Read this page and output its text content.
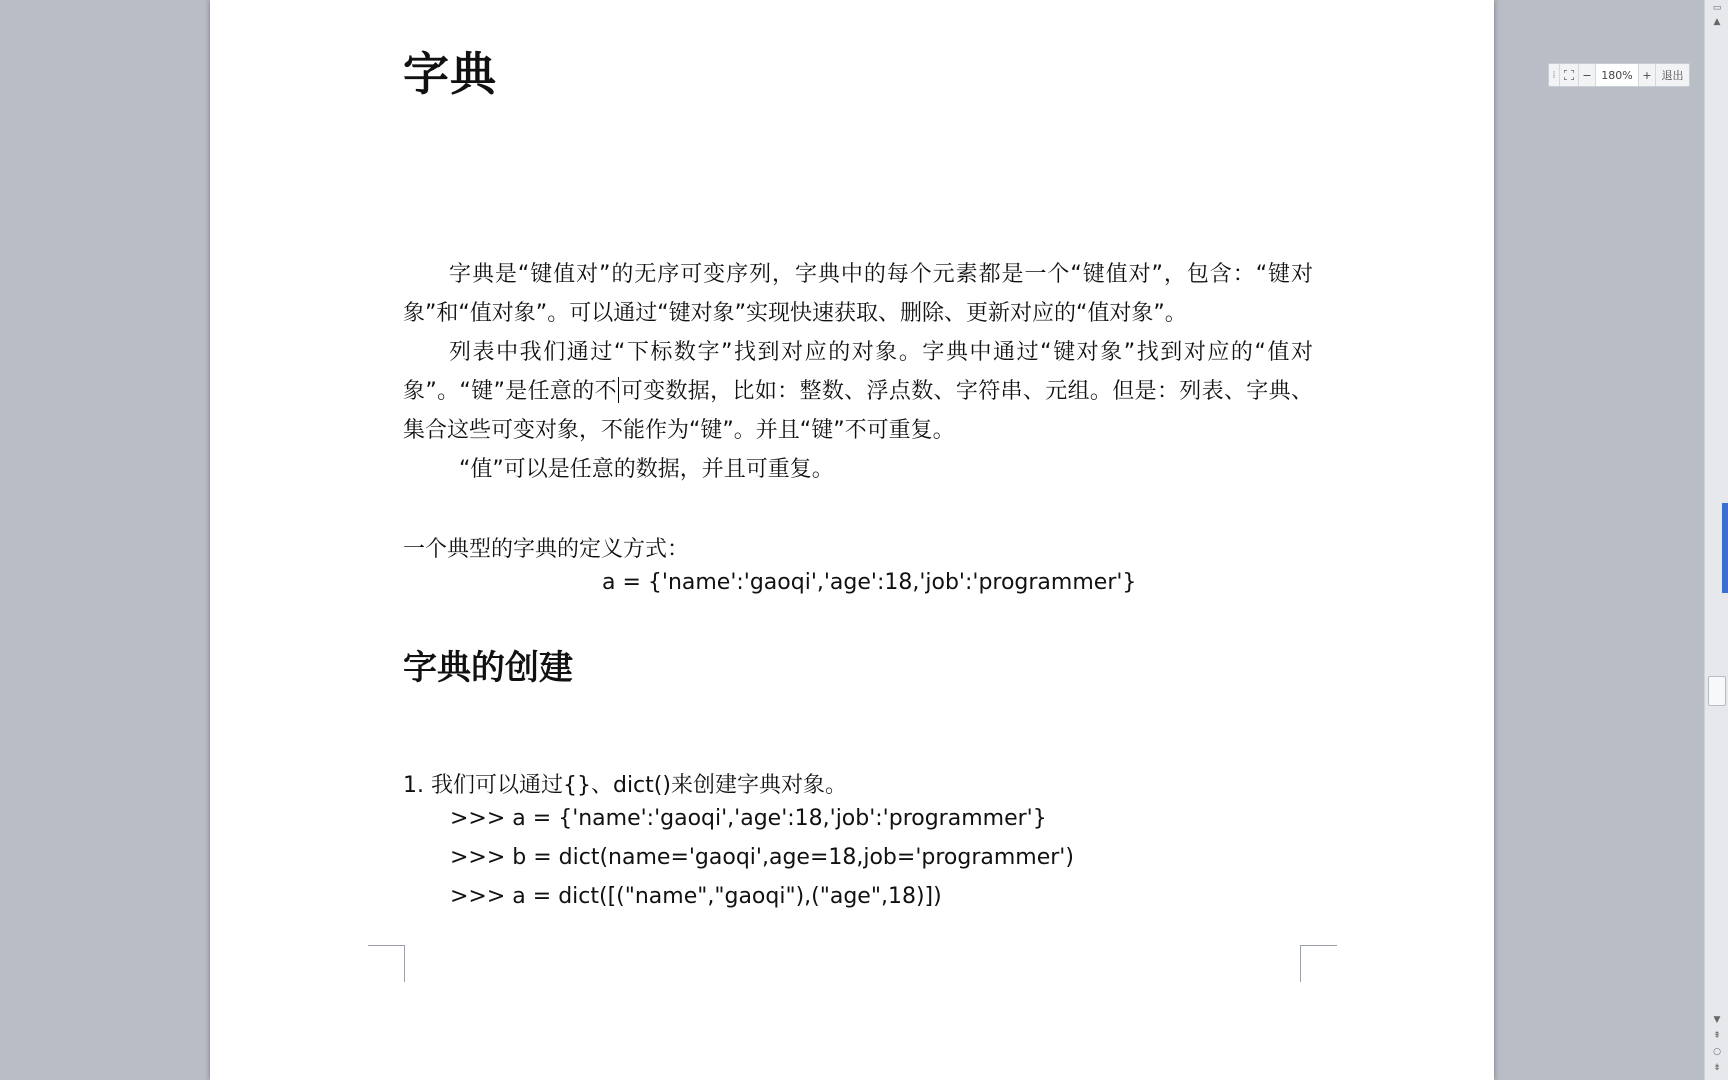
字典
字典是“键值对”的无序可变序列，字典中的每个元素都是一个“键值对”，包含：“键对象”和“值对象”。可以通过“键对象”实现快速获取、删除、更新对应的“值对象”。
列表中我们通过“下标数字”找到对应的对象。字典中通过“键对象”找到对应的“值对象”。“键”是任意的不 可变数据，比如：整数、浮点数、字符串、元组。但是：列表、字典、集合这些可变对象，不能作为“键”。并且“键”不可重复。
“值”可以是任意的数据，并且可重复。
一个典型的字典的定义方式：
a = {'name':'gaoqi','age':18,'job':'programmer'}
字典的创建
1. 我们可以通过{}、dict()来创建字典对象。
>>> a = {'name':'gaoqi','age':18,'job':'programmer'}
>>> b = dict(name='gaoqi',age=18,job='programmer')
>>> a = dict([("name","gaoqi"),("age",18)])
⁞	− 180% + 退出
▭
▲
▼
⇞
○
⇟
